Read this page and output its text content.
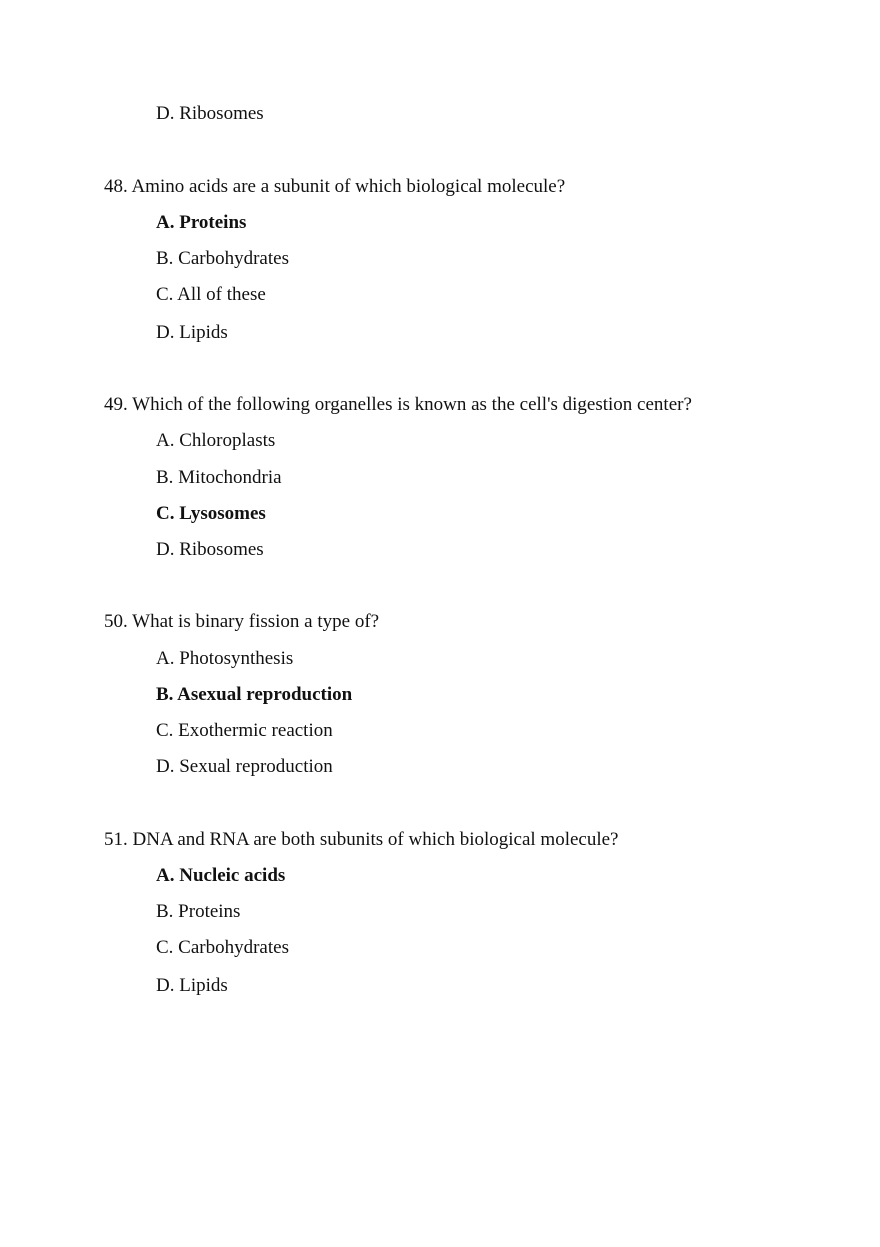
D. Ribosomes
48. Amino acids are a subunit of which biological molecule?
A. Proteins
B. Carbohydrates
C. All of these
D. Lipids
49. Which of the following organelles is known as the cell's digestion center?
A. Chloroplasts
B. Mitochondria
C. Lysosomes
D. Ribosomes
50. What is binary fission a type of?
A. Photosynthesis
B. Asexual reproduction
C. Exothermic reaction
D. Sexual reproduction
51. DNA and RNA are both subunits of which biological molecule?
A. Nucleic acids
B. Proteins
C. Carbohydrates
D. Lipids
